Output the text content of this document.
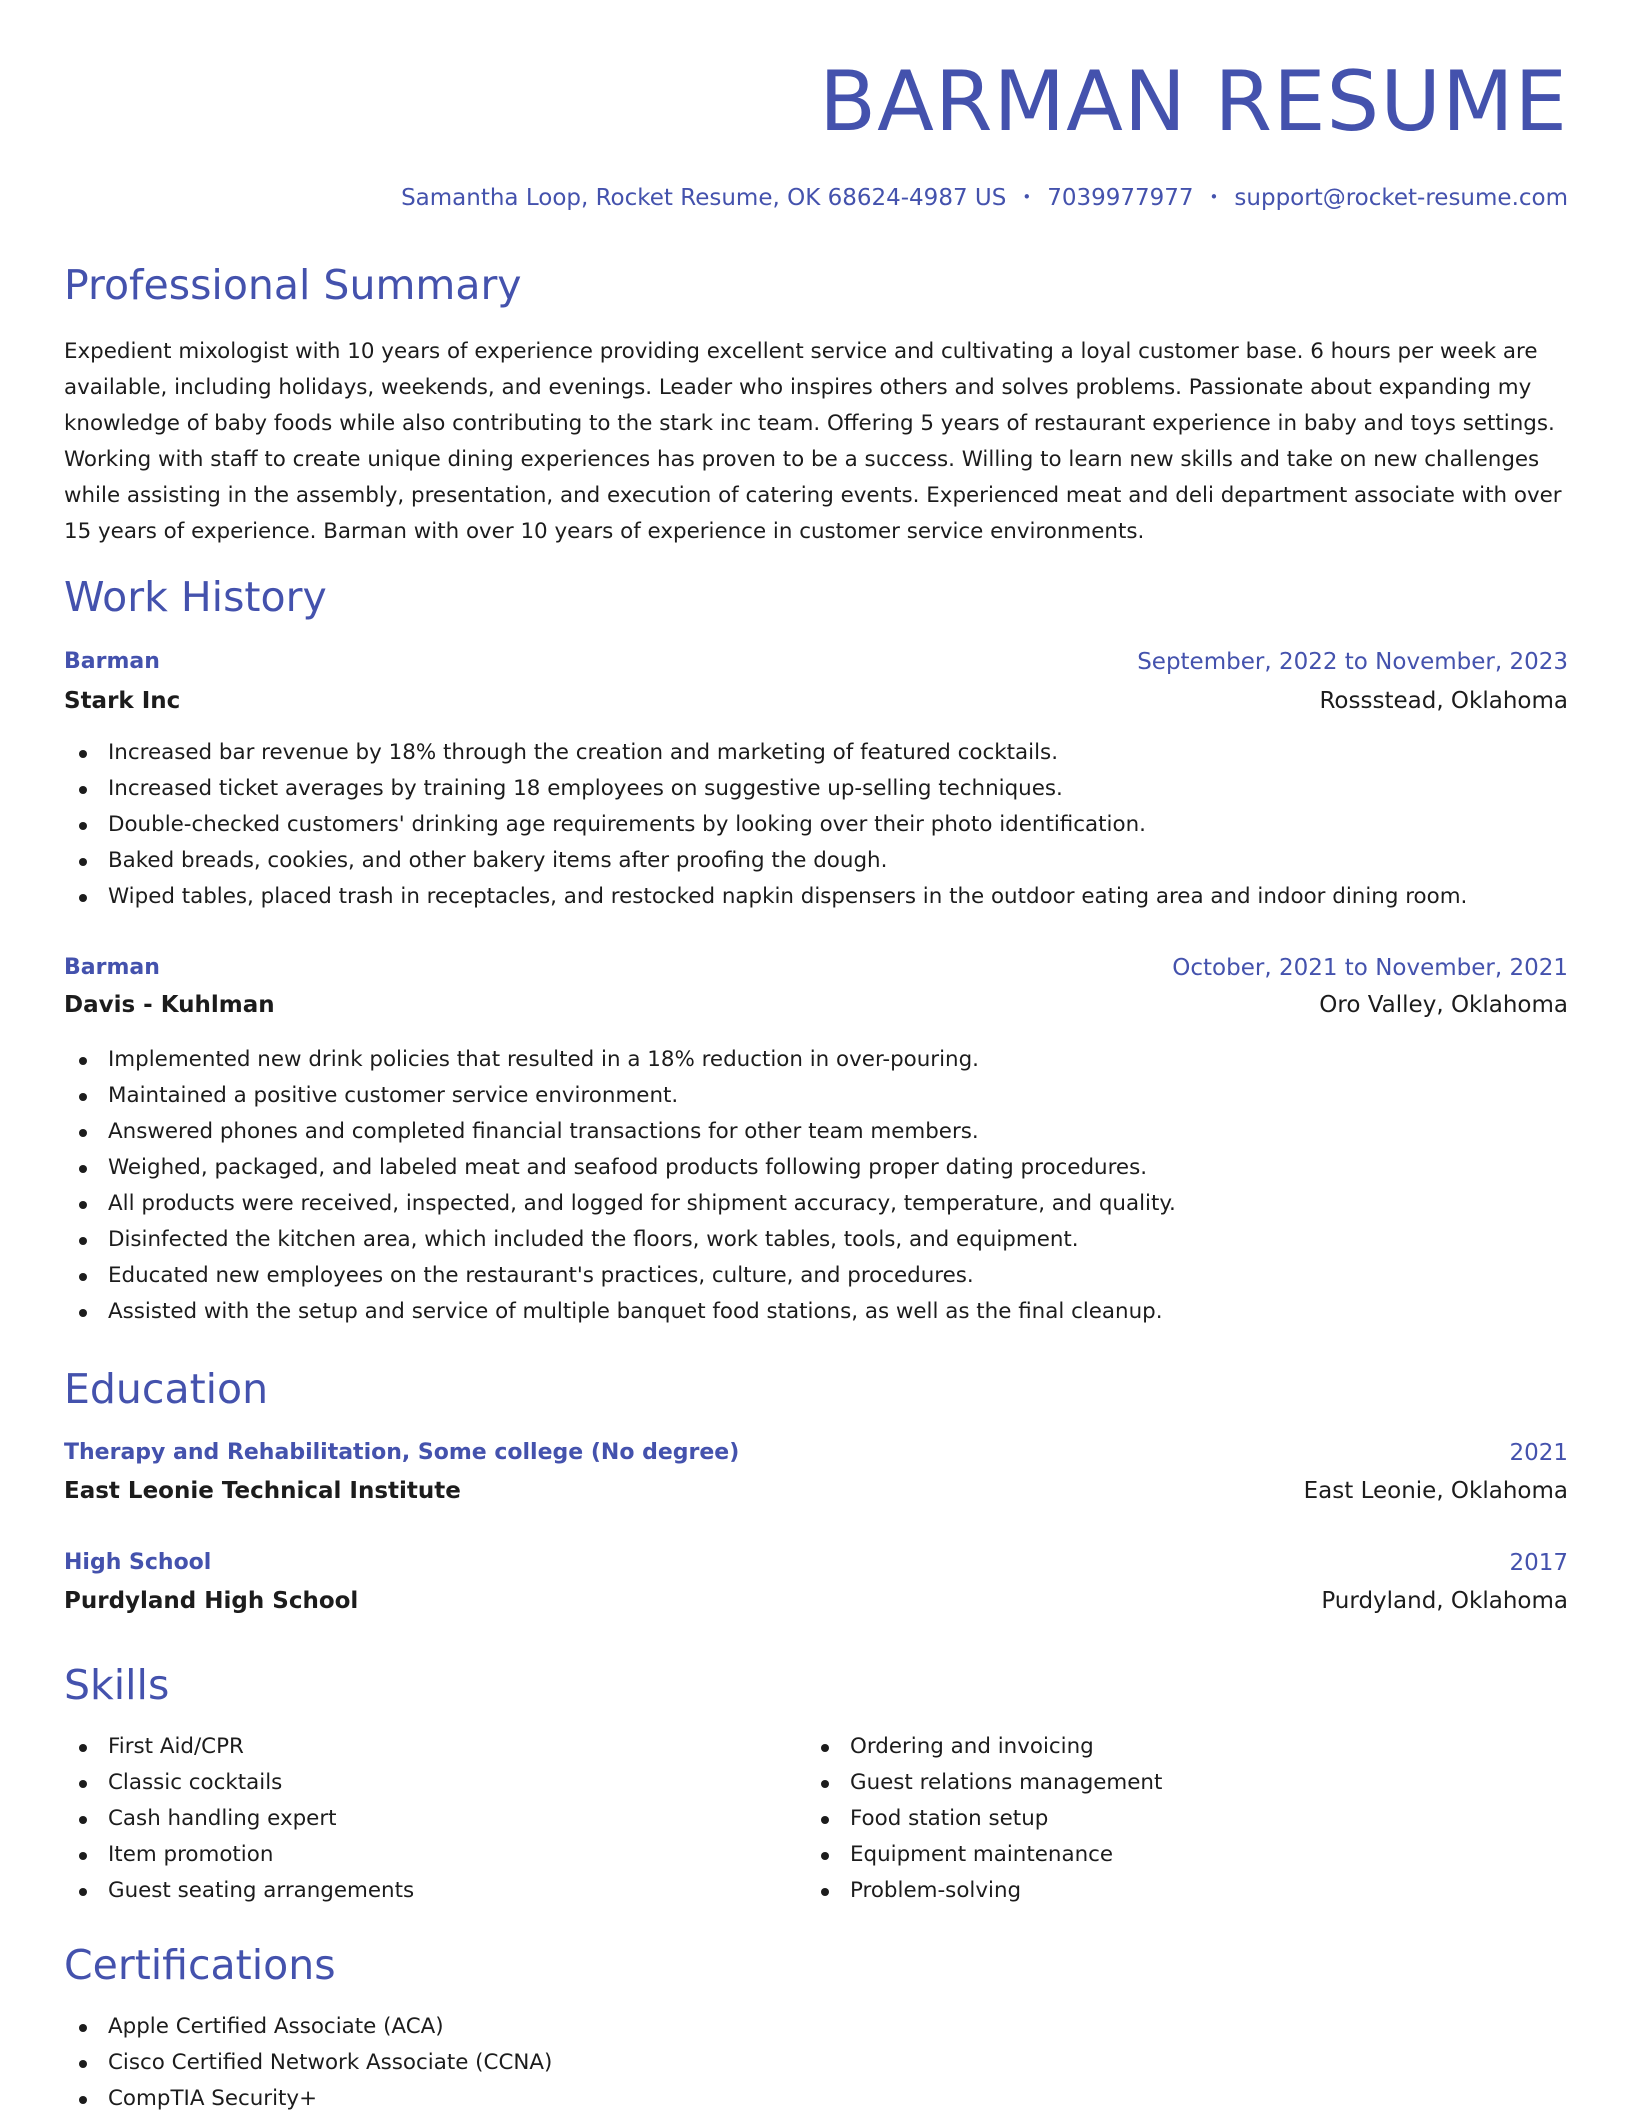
BARMAN RESUME
Samantha Loop, Rocket Resume, OK 68624-4987 US • 7039977977 • support@rocket-resume.com
Professional Summary

Expedient mixologist with 10 years of experience providing excellent service and cultivating a loyal customer base. 6 hours per week are available, including holidays, weekends, and evenings. Leader who inspires others and solves problems. Passionate about expanding my knowledge of baby foods while also contributing to the stark inc team. Offering 5 years of restaurant experience in baby and toys settings. Working with staff to create unique dining experiences has proven to be a success. Willing to learn new skills and take on new challenges while assisting in the assembly, presentation, and execution of catering events. Experienced meat and deli department associate with over 15 years of experience. Barman with over 10 years of experience in customer service environments.

Work History
Barman	September, 2022 to November, 2023
Stark Inc	Rossstead, Oklahoma
Increased bar revenue by 18% through the creation and marketing of featured cocktails.
Increased ticket averages by training 18 employees on suggestive up-selling techniques.
Double-checked customers' drinking age requirements by looking over their photo identification.
Baked breads, cookies, and other bakery items after proofing the dough.
Wiped tables, placed trash in receptacles, and restocked napkin dispensers in the outdoor eating area and indoor dining room.
Barman	October, 2021 to November, 2021
Davis - Kuhlman	Oro Valley, Oklahoma
Implemented new drink policies that resulted in a 18% reduction in over-pouring.
Maintained a positive customer service environment.
Answered phones and completed financial transactions for other team members.
Weighed, packaged, and labeled meat and seafood products following proper dating procedures.
All products were received, inspected, and logged for shipment accuracy, temperature, and quality.
Disinfected the kitchen area, which included the floors, work tables, tools, and equipment.
Educated new employees on the restaurant's practices, culture, and procedures.
Assisted with the setup and service of multiple banquet food stations, as well as the final cleanup.
Education
Therapy and Rehabilitation, Some college (No degree)	2021
East Leonie Technical Institute	East Leonie, Oklahoma
High School	2017
Purdyland High School	Purdyland, Oklahoma
Skills
First Aid/CPR
Classic cocktails
Cash handling expert
Item promotion
Guest seating arrangements
Ordering and invoicing
Guest relations management
Food station setup
Equipment maintenance
Problem-solving
Certifications
Apple Certified Associate (ACA)
Cisco Certified Network Associate (CCNA)
CompTIA Security+
